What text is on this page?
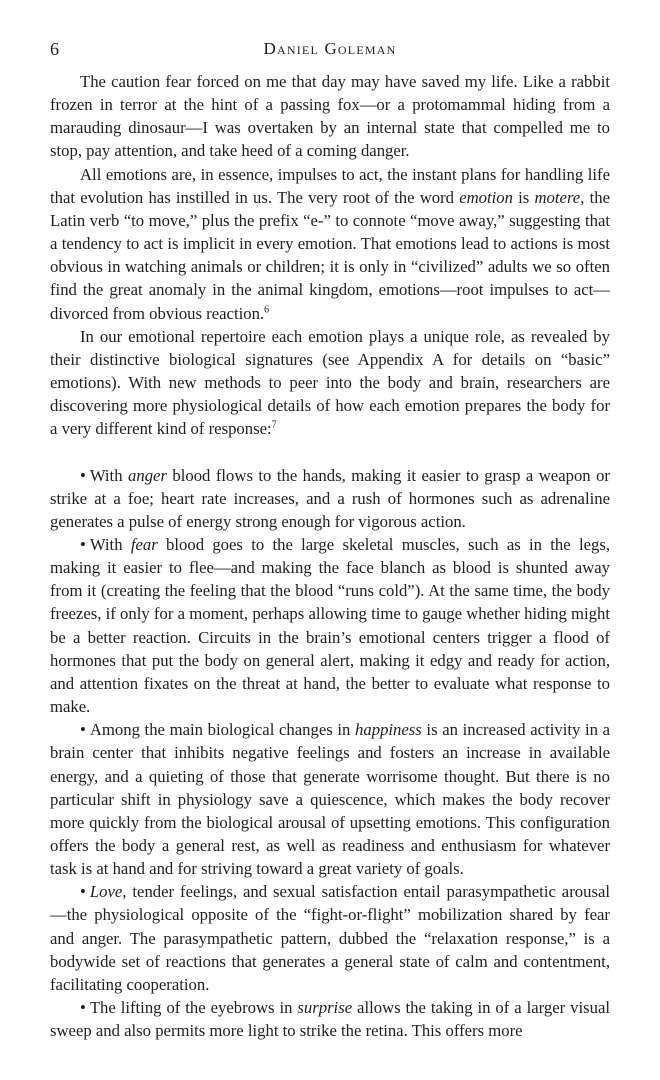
6	Daniel Goleman

The caution fear forced on me that day may have saved my life. Like a rabbit frozen in terror at the hint of a passing fox—or a protomammal hiding from a marauding dinosaur—I was overtaken by an internal state that compelled me to stop, pay attention, and take heed of a coming danger.

All emotions are, in essence, impulses to act, the instant plans for handling life that evolution has instilled in us. The very root of the word emotion is motere, the Latin verb “to move,” plus the prefix “e-” to connote “move away,” suggesting that a tendency to act is implicit in every emotion. That emotions lead to actions is most obvious in watching animals or children; it is only in “civilized” adults we so often find the great anomaly in the animal kingdom, emotions—root impulses to act—divorced from obvious reaction.$^6$

In our emotional repertoire each emotion plays a unique role, as revealed by their distinctive biological signatures (see Appendix A for details on “basic” emotions). With new methods to peer into the body and brain, researchers are discovering more physiological details of how each emotion prepares the body for a very different kind of response:$^7$

• With anger blood flows to the hands, making it easier to grasp a weapon or strike at a foe; heart rate increases, and a rush of hormones such as adrenaline generates a pulse of energy strong enough for vigorous action.

• With fear blood goes to the large skeletal muscles, such as in the legs, making it easier to flee—and making the face blanch as blood is shunted away from it (creating the feeling that the blood “runs cold”). At the same time, the body freezes, if only for a moment, perhaps allowing time to gauge whether hiding might be a better reaction. Circuits in the brain’s emotional centers trigger a flood of hormones that put the body on general alert, making it edgy and ready for action, and attention fixates on the threat at hand, the better to evaluate what response to make.

• Among the main biological changes in happiness is an increased activity in a brain center that inhibits negative feelings and fosters an increase in available energy, and a quieting of those that generate worrisome thought. But there is no particular shift in physiology save a quiescence, which makes the body recover more quickly from the biological arousal of upsetting emotions. This configuration offers the body a general rest, as well as readiness and enthusiasm for whatever task is at hand and for striving toward a great variety of goals.

• Love, tender feelings, and sexual satisfaction entail parasympathetic arousal—the physiological opposite of the “fight-or-flight” mobilization shared by fear and anger. The parasympathetic pattern, dubbed the “relaxation response,” is a bodywide set of reactions that generates a general state of calm and contentment, facilitating cooperation.

• The lifting of the eyebrows in surprise allows the taking in of a larger visual sweep and also permits more light to strike the retina. This offers more
